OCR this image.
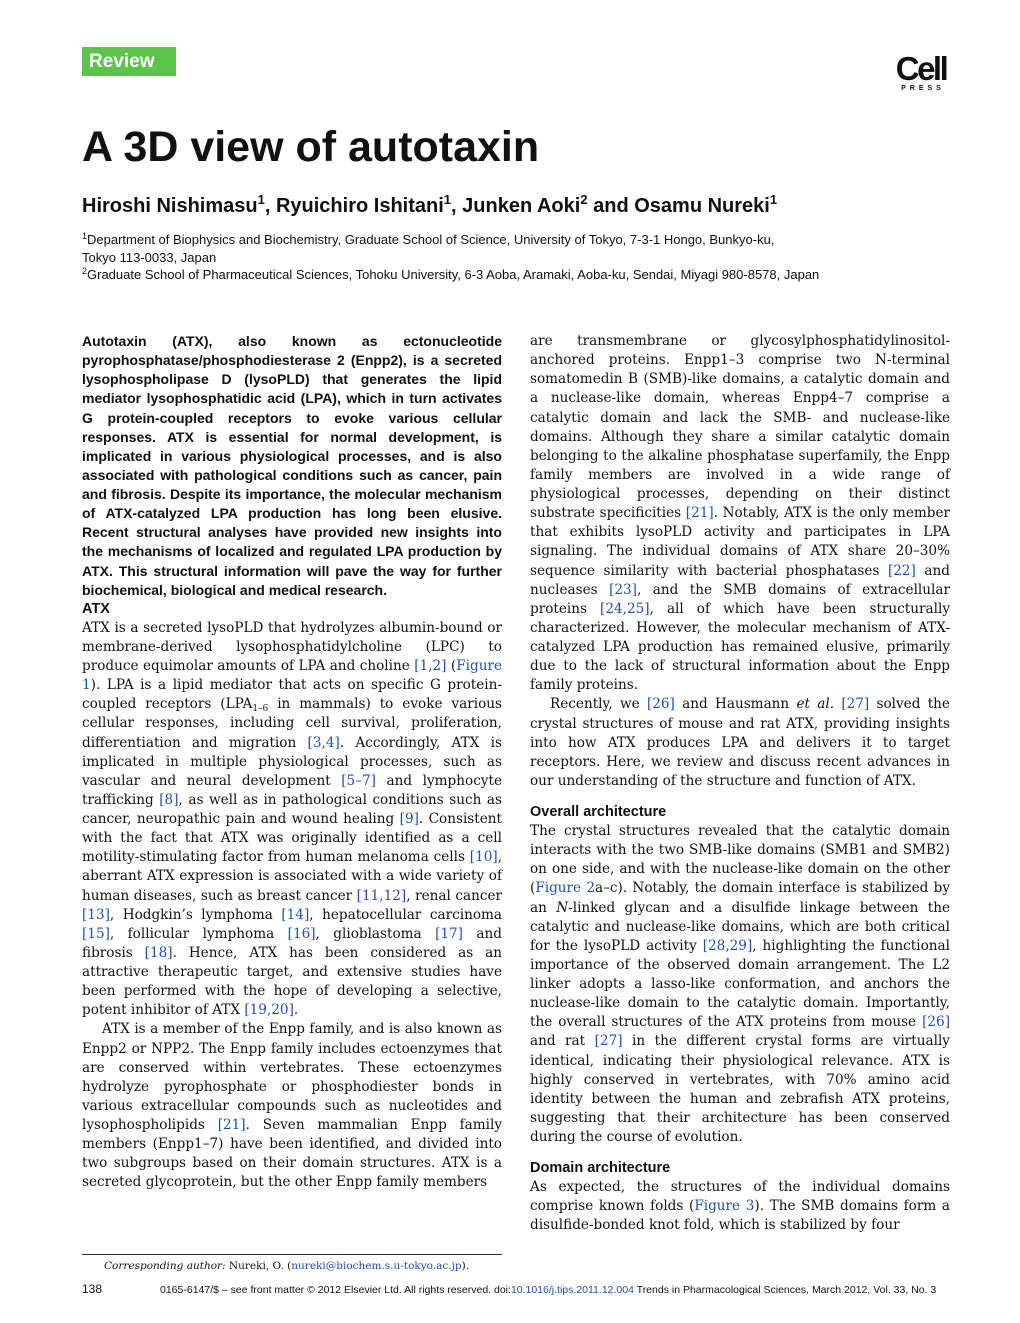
Review	Cell
PRESS
A 3D view of autotaxin
Hiroshi Nishimasu$^1$, Ryuichiro Ishitani$^1$, Junken Aoki$^2$ and Osamu Nureki$^1$
$^1$Department of Biophysics and Biochemistry, Graduate School of Science, University of Tokyo, 7-3-1 Hongo, Bunkyo-ku,
Tokyo 113-0033, Japan
$^2$Graduate School of Pharmaceutical Sciences, Tohoku University, 6-3 Aoba, Aramaki, Aoba-ku, Sendai, Miyagi 980-8578, Japan

Autotaxin (ATX), also known as ectonucleotide pyrophosphatase/phosphodiesterase 2 (Enpp2), is a secreted lysophospholipase D (lysoPLD) that generates the lipid mediator lysophosphatidic acid (LPA), which in turn activates G protein-coupled receptors to evoke various cellular responses. ATX is essential for normal development, is implicated in various physiological processes, and is also associated with pathological conditions such as cancer, pain and fibrosis. Despite its importance, the molecular mechanism of ATX-catalyzed LPA production has long been elusive. Recent structural analyses have provided new insights into the mechanisms of localized and regulated LPA production by ATX. This structural information will pave the way for further biochemical, biological and medical research.

ATX

ATX is a secreted lysoPLD that hydrolyzes albumin-bound or membrane-derived lysophosphatidylcholine (LPC) to produce equimolar amounts of LPA and choline [1,2] (Figure 1). LPA is a lipid mediator that acts on specific G protein-coupled receptors ($LPA_{1-6}$ in mammals) to evoke various cellular responses, including cell survival, proliferation, differentiation and migration [3,4]. Accordingly, ATX is implicated in multiple physiological processes, such as vascular and neural development [5–7] and lymphocyte trafficking [8], as well as in pathological conditions such as cancer, neuropathic pain and wound healing [9]. Consistent with the fact that ATX was originally identified as a cell motility-stimulating factor from human melanoma cells [10], aberrant ATX expression is associated with a wide variety of human diseases, such as breast cancer [11,12], renal cancer [13], Hodgkin’s lymphoma [14], hepatocellular carcinoma [15], follicular lymphoma [16], glioblastoma [17] and fibrosis [18]. Hence, ATX has been considered as an attractive therapeutic target, and extensive studies have been performed with the hope of developing a selective, potent inhibitor of ATX [19,20].

ATX is a member of the Enpp family, and is also known as Enpp2 or NPP2. The Enpp family includes ectoenzymes that are conserved within vertebrates. These ectoenzymes hydrolyze pyrophosphate or phosphodiester bonds in various extracellular compounds such as nucleotides and lysophospholipids [21]. Seven mammalian Enpp family members (Enpp1–7) have been identified, and divided into two subgroups based on their domain structures. ATX is a secreted glycoprotein, but the other Enpp family members

are transmembrane or glycosylphosphatidylinositol-anchored proteins. Enpp1–3 comprise two N-terminal somatomedin B (SMB)-like domains, a catalytic domain and a nuclease-like domain, whereas Enpp4–7 comprise a catalytic domain and lack the SMB- and nuclease-like domains. Although they share a similar catalytic domain belonging to the alkaline phosphatase superfamily, the Enpp family members are involved in a wide range of physiological processes, depending on their distinct substrate specificities [21]. Notably, ATX is the only member that exhibits lysoPLD activity and participates in LPA signaling. The individual domains of ATX share 20–30% sequence similarity with bacterial phosphatases [22] and nucleases [23], and the SMB domains of extracellular proteins [24,25], all of which have been structurally characterized. However, the molecular mechanism of ATX-catalyzed LPA production has remained elusive, primarily due to the lack of structural information about the Enpp family proteins.

Recently, we [26] and Hausmann et al. [27] solved the crystal structures of mouse and rat ATX, providing insights into how ATX produces LPA and delivers it to target receptors. Here, we review and discuss recent advances in our understanding of the structure and function of ATX.

Overall architecture

The crystal structures revealed that the catalytic domain interacts with the two SMB-like domains (SMB1 and SMB2) on one side, and with the nuclease-like domain on the other (Figure 2a–c). Notably, the domain interface is stabilized by an N-linked glycan and a disulfide linkage between the catalytic and nuclease-like domains, which are both critical for the lysoPLD activity [28,29], highlighting the functional importance of the observed domain arrangement. The L2 linker adopts a lasso-like conformation, and anchors the nuclease-like domain to the catalytic domain. Importantly, the overall structures of the ATX proteins from mouse [26] and rat [27] in the different crystal forms are virtually identical, indicating their physiological relevance. ATX is highly conserved in vertebrates, with 70% amino acid identity between the human and zebrafish ATX proteins, suggesting that their architecture has been conserved during the course of evolution.

Domain architecture

As expected, the structures of the individual domains comprise known folds (Figure 3). The SMB domains form a disulfide-bonded knot fold, which is stabilized by four

Corresponding author: Nureki, O. (nureki@biochem.s.u-tokyo.ac.jp).
138	0165-6147/$ – see front matter © 2012 Elsevier Ltd. All rights reserved. doi:10.1016/j.tips.2011.12.004 Trends in Pharmacological Sciences, March 2012, Vol. 33, No. 3
